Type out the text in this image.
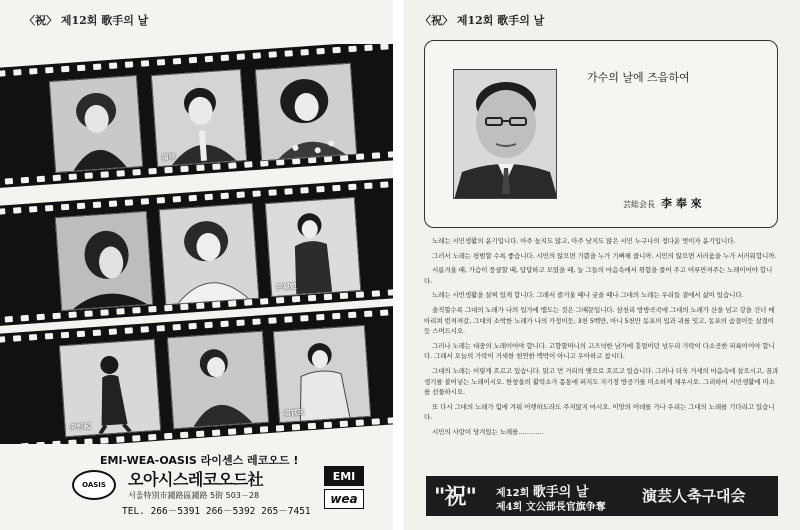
〈祝〉 제12회 歌手의 날
南珍
尹福姬
尹恒起
南宮玉
EMI-WEA-OASIS 라이센스 레코오드 !
OASIS	오아시스레코오드社
서울特別市鍾路區鍾路 5街 503－28
TEL. 266－5391 266－5392 265－7451
EMI
wea
〈祝〉 제12회 歌手의 날
가수의 날에 즈음하여
芸総会長 李 奉 來

노래는 시민생활의 윤기입니다. 아주 높지도 않고, 아주 낮지도 않은 시민 누구나의 정다운 벗이자 윤기입니다.

그러서 노래는 평범할 수록 좋습니다. 시민의 않으면 기쁨을 누가 기뻐해 줍니까. 시민의 않으면 서러움을 누가 서러워합니까.

시름겨울 때, 가슴이 뭉클할 때, 답답하고 모였을 때, 늘 그들의 마음속에서 위험을 풀어 주고 어루만져주는 노래이어야 합니다.

노래는 시민생활을 살찌 있게 합니다. 그래서 즐거울 때나 궂을 때나 그대의 노래는 우리들 곁에서 삶이 있습니다.

솔직할수록 그대의 노래가 나의 입가에 맴도는 것은 그때문입니다. 삼천리 방방곡곡에 그대의 노래가 산을 넘고 강을 건너 메아리쳐 번져져갈, 그대의 소박한 노래가 나의 가정이듯, 3천 5백만, 아니 5천만 동포의 입과 귀를 잇고, 동포의 숨결이듯 살결이듯 스며드시오.

그러나 노래는 대중의 노래이어야 합니다. 고향할머니의 고즈넉한 남가에 흥얼이던 넋두리 가락이 다소곳한 피륙이어야 합니다. 그래서 오늘의 가락이 거세한 현연한 맥박이 아니고 우아하고 참시다.

그대의 노래는 이렇게 흐르고 있습니다. 맑고 먼 거리의 맺으로 흐르고 있습니다. 그러나 더욱 거세의 마음속에 살으시고, 꿈과 생기를 불어넣는 노래이시오. 한창울의 활력소가 몸통에 퍼지도 자기정 방공기를 미소하게 채우시오. 그리하여 시민생활에 미소를 선물하시오.

또 다시 그대의 노래가 힘에 겨워 어렛하도라도 주저앉지 마시오. 이망의 어데를 가나 우리는 그대의 노래를 기다리고 있습니다.

시민의 사랑이 당겨있는 노래를…………

"祝" 제12회 歌手의 날
제4회 文公部長官旗争奪
演芸人축구대会
